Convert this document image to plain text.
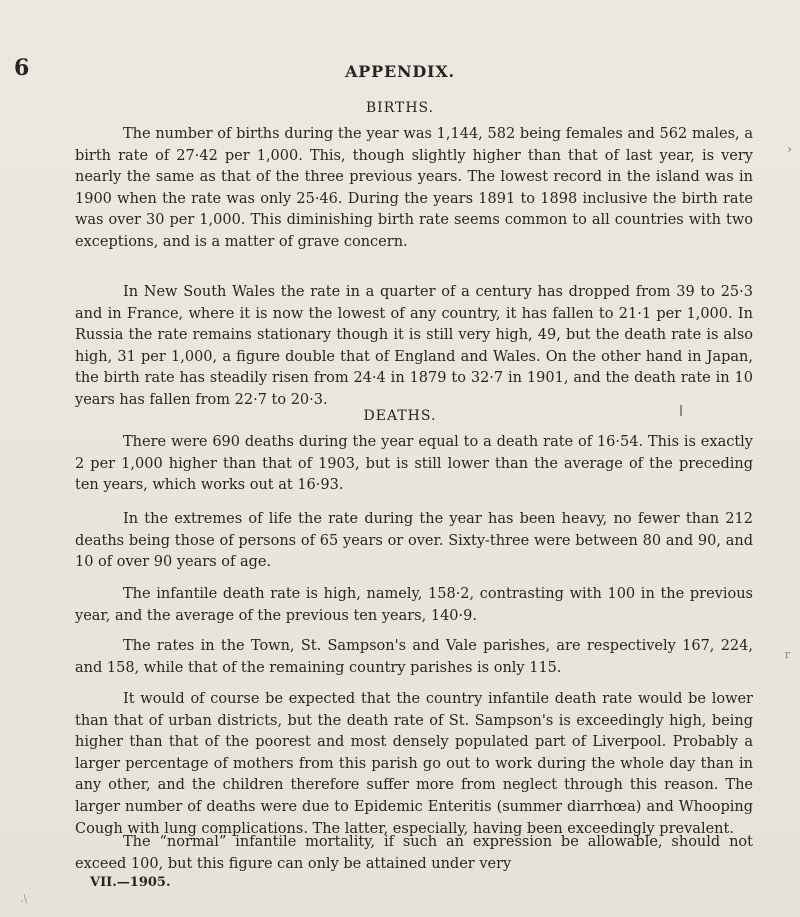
6	APPENDIX.
BIRTHS.

The number of births during the year was 1,144, 582 being females and 562 males, a birth rate of 27·42 per 1,000. This, though slightly higher than that of last year, is very nearly the same as that of the three previous years. The lowest record in the island was in 1900 when the rate was only 25·46. During the years 1891 to 1898 inclusive the birth rate was over 30 per 1,000. This diminishing birth rate seems common to all countries with two exceptions, and is a matter of grave concern.

In New South Wales the rate in a quarter of a century has dropped from 39 to 25·3 and in France, where it is now the lowest of any country, it has fallen to 21·1 per 1,000. In Russia the rate remains stationary though it is still very high, 49, but the death rate is also high, 31 per 1,000, a figure double that of England and Wales. On the other hand in Japan, the birth rate has steadily risen from 24·4 in 1879 to 32·7 in 1901, and the death rate in 10 years has fallen from 22·7 to 20·3.

DEATHS.

There were 690 deaths during the year equal to a death rate of 16·54. This is exactly 2 per 1,000 higher than that of 1903, but is still lower than the average of the preceding ten years, which works out at 16·93.

In the extremes of life the rate during the year has been heavy, no fewer than 212 deaths being those of persons of 65 years or over. Sixty-three were between 80 and 90, and 10 of over 90 years of age.

The infantile death rate is high, namely, 158·2, contrasting with 100 in the previous year, and the average of the previous ten years, 140·9.

The rates in the Town, St. Sampson's and Vale parishes, are respectively 167, 224, and 158, while that of the remaining country parishes is only 115.

It would of course be expected that the country infantile death rate would be lower than that of urban districts, but the death rate of St. Sampson's is exceedingly high, being higher than that of the poorest and most densely populated part of Liverpool. Probably a larger percentage of mothers from this parish go out to work during the whole day than in any other, and the children therefore suffer more from neglect through this reason. The larger number of deaths were due to Epidemic Enteritis (summer diarrhœa) and Whooping Cough with lung complications. The latter, especially, having been exceedingly prevalent.

The “normal” infantile mortality, if such an expression be allowable, should not exceed 100, but this figure can only be attained under very

VII.—1905.
›
r
.\
